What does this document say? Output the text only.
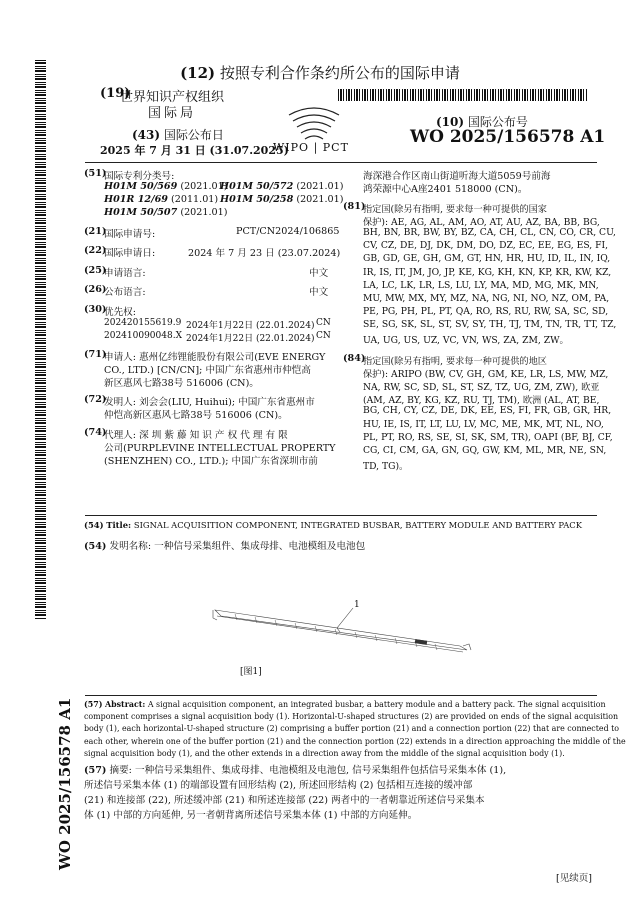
WO 2025/156578 A1
(12) 按照专利合作条约所公布的国际申请
(19)
世界知识产权组织
国际局
(43) 国际公布日
2025 年 7 月 31 日 (31.07.2025)
WIPO | PCT
(10) 国际公布号
WO 2025/156578 A1
(51)
国际专利分类号:
H01M 50/569 (2021.01)
H01M 50/572 (2021.01)
H01R 12/69 (2011.01) H01M 50/258 (2021.01)
H01M 50/507 (2021.01)
(21)
国际申请号:	PCT/CN2024/106865
(22)
国际申请日:	2024 年 7 月 23 日 (23.07.2024)
(25)
申请语言:	中文
(26)
公布语言:	中文
(30)
优先权:
202420155619.9 2024年1月22日 (22.01.2024) CN
202410090048.X 2024年1月22日 (22.01.2024) CN
(71)
申请人: 惠州亿纬锂能股份有限公司(EVE ENERGY
CO., LTD.) [CN/CN]; 中国广东省惠州市仲恺高
新区惠风七路38号 516006 (CN)。
(72)
发明人: 刘会会(LIU, Huihui); 中国广东省惠州市
仲恺高新区惠风七路38号 516006 (CN)。
(74)
代理人: 深 圳 紫 藤 知 识 产 权 代 理 有 限
公司(PURPLEVINE INTELLECTUAL PROPERTY
(SHENZHEN) CO., LTD.); 中国广东省深圳市前
海深港合作区南山街道听海大道5059号前海
鸿荣源中心A座2401 518000 (CN)。
(81)
指定国(除另有指明, 要求每一种可提供的国家
保护): AE, AG, AL, AM, AO, AT, AU, AZ, BA, BB, BG,
BH, BN, BR, BW, BY, BZ, CA, CH, CL, CN, CO, CR, CU,
CV, CZ, DE, DJ, DK, DM, DO, DZ, EC, EE, EG, ES, FI,
GB, GD, GE, GH, GM, GT, HN, HR, HU, ID, IL, IN, IQ,
IR, IS, IT, JM, JO, JP, KE, KG, KH, KN, KP, KR, KW, KZ,
LA, LC, LK, LR, LS, LU, LY, MA, MD, MG, MK, MN,
MU, MW, MX, MY, MZ, NA, NG, NI, NO, NZ, OM, PA,
PE, PG, PH, PL, PT, QA, RO, RS, RU, RW, SA, SC, SD,
SE, SG, SK, SL, ST, SV, SY, TH, TJ, TM, TN, TR, TT, TZ,
UA, UG, US, UZ, VC, VN, WS, ZA, ZM, ZW。
(84)
指定国(除另有指明, 要求每一种可提供的地区
保护): ARIPO (BW, CV, GH, GM, KE, LR, LS, MW, MZ,
NA, RW, SC, SD, SL, ST, SZ, TZ, UG, ZM, ZW), 欧亚
(AM, AZ, BY, KG, KZ, RU, TJ, TM), 欧洲 (AL, AT, BE,
BG, CH, CY, CZ, DE, DK, EE, ES, FI, FR, GB, GR, HR,
HU, IE, IS, IT, LT, LU, LV, MC, ME, MK, MT, NL, NO,
PL, PT, RO, RS, SE, SI, SK, SM, TR), OAPI (BF, BJ, CF,
CG, CI, CM, GA, GN, GQ, GW, KM, ML, MR, NE, SN,
TD, TG)。
(54) Title: SIGNAL ACQUISITION COMPONENT, INTEGRATED BUSBAR, BATTERY MODULE AND BATTERY PACK
(54) 发明名称: 一种信号采集组件、集成母排、电池模组及电池包
1
[图1]
(57) Abstract: A signal acquisition component, an integrated busbar, a battery module and a battery pack. The signal acquisition
component comprises a signal acquisition body (1). Horizontal-U-shaped structures (2) are provided on ends of the signal acquisition
body (1), each horizontal-U-shaped structure (2) comprising a buffer portion (21) and a connection portion (22) that are connected to
each other, wherein one of the buffer portion (21) and the connection portion (22) extends in a direction approaching the middle of the
signal acquisition body (1), and the other extends in a direction away from the middle of the signal acquisition body (1).
(57) 摘要: 一种信号采集组件、集成母排、电池模组及电池包, 信号采集组件包括信号采集本体 (1),
所述信号采集本体 (1) 的端部设置有回形结构 (2), 所述回形结构 (2) 包括相互连接的缓冲部
(21) 和连接部 (22), 所述缓冲部 (21) 和所述连接部 (22) 两者中的一者朝靠近所述信号采集本
体 (1) 中部的方向延伸, 另一者朝背离所述信号采集本体 (1) 中部的方向延伸。
[见续页]
